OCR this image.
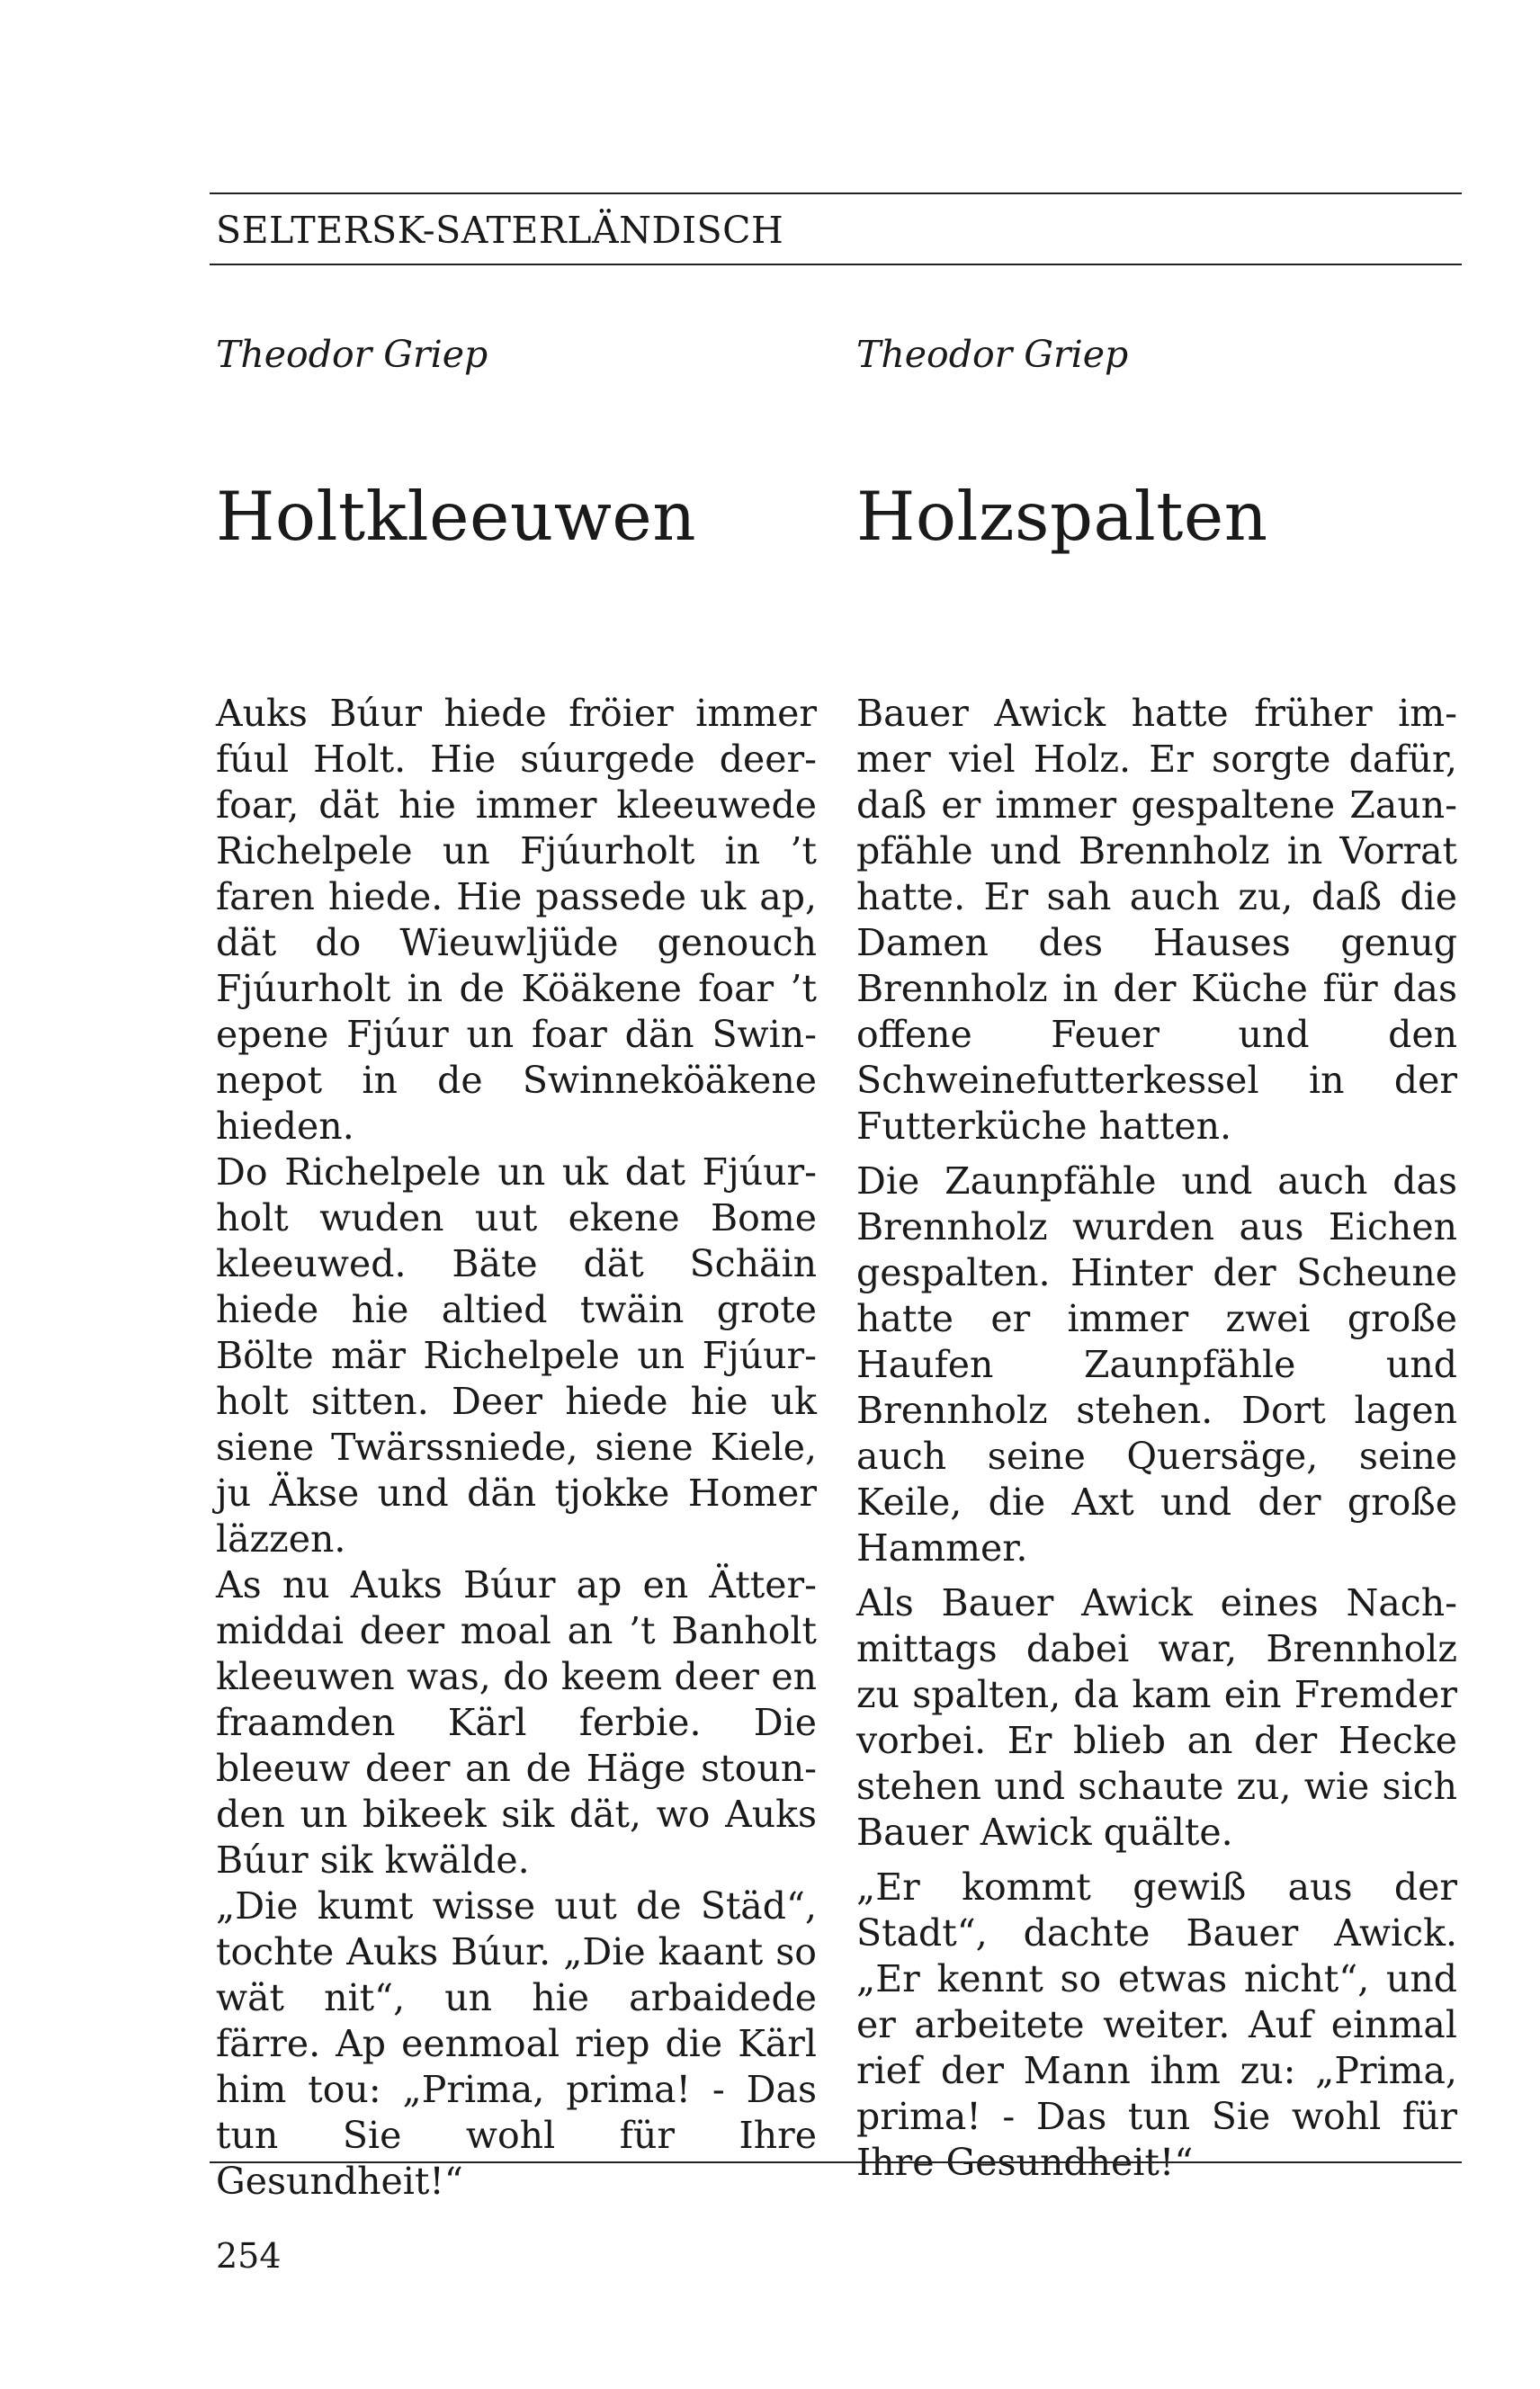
SELTERSK-SATERLÄNDISCH
Theodor Griep
Holtkleeuwen

Auks Búur hiede fröier immer fúul Holt. Hie súurgede deerfoar, dät hie immer kleeuwede Richelpele un Fjúurholt in ’t faren hiede. Hie passede uk ap, dät do Wieuwljüde genouch Fjúurholt in de Köäkene foar ’t epene Fjúur un foar dän Swinnepot in de Swinneköäkene hieden.

Do Richelpele un uk dat Fjúurholt wuden uut ekene Bome kleeuwed. Bäte dät Schäin hiede hie altied twäin grote Bölte mär Richelpele un Fjúurholt sitten. Deer hiede hie uk siene Twärssniede, siene Kiele, ju Äkse und dän tjokke Homer läzzen.

As nu Auks Búur ap en Ättermiddai deer moal an ’t Banholt kleeuwen was, do keem deer en fraamden Kärl ferbie. Die bleeuw deer an de Häge stounden un bikeek sik dät, wo Auks Búur sik kwälde.

„Die kumt wisse uut de Städ“, tochte Auks Búur. „Die kaant so wät nit“, un hie arbaidede färre. Ap eenmoal riep die Kärl him tou: „Prima, prima! - Das tun Sie wohl für Ihre Gesundheit!“

Theodor Griep
Holzspalten

Bauer Awick hatte früher immer viel Holz. Er sorgte dafür, daß er immer gespaltene Zaunpfähle und Brennholz in Vorrat hatte. Er sah auch zu, daß die Damen des Hauses genug Brennholz in der Küche für das offene Feuer und den Schweinefutterkessel in der Futterküche hatten.

Die Zaunpfähle und auch das Brennholz wurden aus Eichen gespalten. Hinter der Scheune hatte er immer zwei große Haufen Zaunpfähle und Brennholz stehen. Dort lagen auch seine Quersäge, seine Keile, die Axt und der große Hammer.

Als Bauer Awick eines Nachmittags dabei war, Brennholz zu spalten, da kam ein Fremder vorbei. Er blieb an der Hecke stehen und schaute zu, wie sich Bauer Awick quälte.

„Er kommt gewiß aus der Stadt“, dachte Bauer Awick. „Er kennt so etwas nicht“, und er arbeitete weiter. Auf einmal rief der Mann ihm zu: „Prima, prima! - Das tun Sie wohl für Ihre Gesundheit!“

254
